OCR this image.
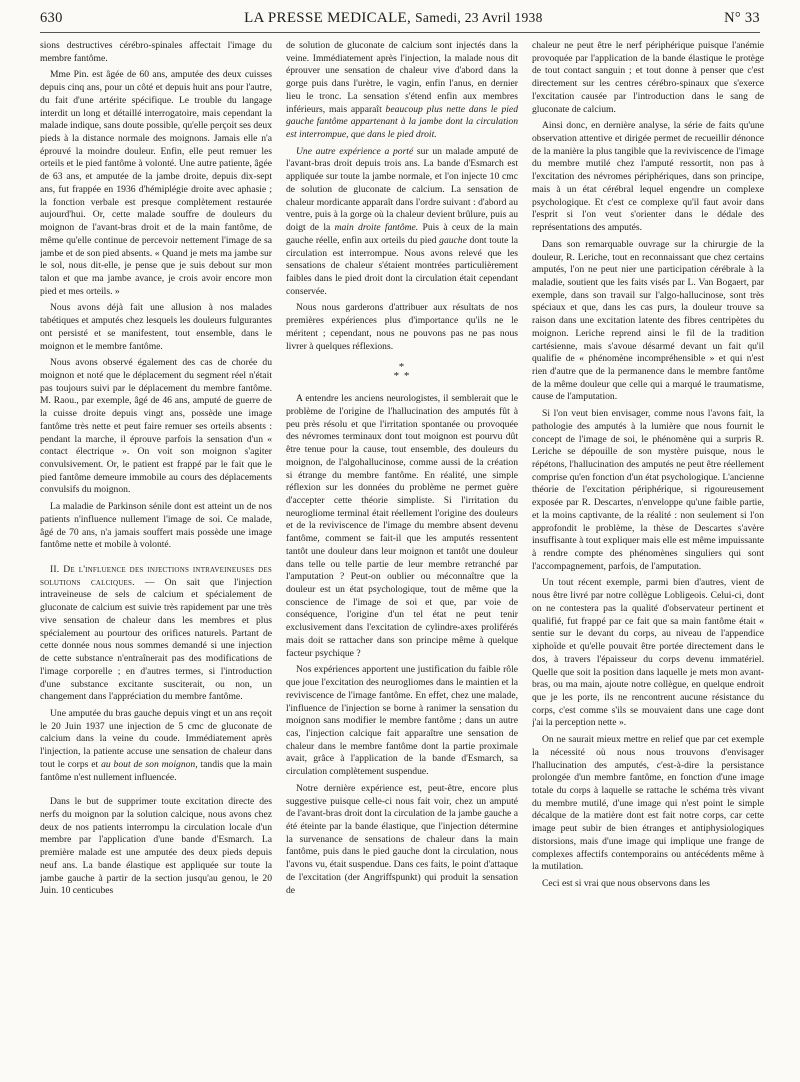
630	LA PRESSE MEDICALE, Samedi, 23 Avril 1938	N° 33

sions destructives cérébro-spinales affectait l'image du membre fantôme.

Mme Pin. est âgée de 60 ans, amputée des deux cuisses depuis cinq ans, pour un côté et depuis huit ans pour l'autre, du fait d'une artérite spécifique. Le trouble du langage interdit un long et détaillé interrogatoire, mais cependant la malade indique, sans doute possible, qu'elle perçoit ses deux pieds à la distance normale des moignons. Jamais elle n'a éprouvé la moindre douleur. Enfin, elle peut remuer les orteils et le pied fantôme à volonté. Une autre patiente, âgée de 63 ans, et amputée de la jambe droite, depuis dix-sept ans, fut frappée en 1936 d'hémiplégie droite avec aphasie ; la fonction verbale est presque complètement restaurée aujourd'hui. Or, cette malade souffre de douleurs du moignon de l'avant-bras droit et de la main fantôme, de même qu'elle continue de percevoir nettement l'image de sa jambe et de son pied absents. « Quand je mets ma jambe sur le sol, nous dit-elle, je pense que je suis debout sur mon talon et que ma jambe avance, je crois avoir encore mon pied et mes orteils. »

Nous avons déjà fait une allusion à nos malades tabétiques et amputés chez lesquels les douleurs fulgurantes ont persisté et se manifestent, tout ensemble, dans le moignon et le membre fantôme.

Nous avons observé également des cas de chorée du moignon et noté que le déplacement du segment réel n'était pas toujours suivi par le déplacement du membre fantôme. M. Raou., par exemple, âgé de 46 ans, amputé de guerre de la cuisse droite depuis vingt ans, possède une image fantôme très nette et peut faire remuer ses orteils absents : pendant la marche, il éprouve parfois la sensation d'un « contact électrique ». On voit son moignon s'agiter convulsivement. Or, le patient est frappé par le fait que le pied fantôme demeure immobile au cours des déplacements convulsifs du moignon.

La maladie de Parkinson sénile dont est atteint un de nos patients n'influence nullement l'image de soi. Ce malade, âgé de 70 ans, n'a jamais souffert mais possède une image fantôme nette et mobile à volonté.

II. De l'influence des injections intraveineuses des solutions calciques. — On sait que l'injection intraveineuse de sels de calcium et spécialement de gluconate de calcium est suivie très rapidement par une très vive sensation de chaleur dans les membres et plus spécialement au pourtour des orifices naturels. Partant de cette donnée nous nous sommes demandé si une injection de cette substance n'entraînerait pas des modifications de l'image corporelle ; en d'autres termes, si l'introduction d'une substance excitante susciterait, ou non, un changement dans l'appréciation du membre fantôme.

Une amputée du bras gauche depuis vingt et un ans reçoit le 20 Juin 1937 une injection de 5 cmc de gluconate de calcium dans la veine du coude. Immédiatement après l'injection, la patiente accuse une sensation de chaleur dans tout le corps et au bout de son moignon, tandis que la main fantôme n'est nullement influencée.

Dans le but de supprimer toute excitation directe des nerfs du moignon par la solution calcique, nous avons chez deux de nos patients interrompu la circulation locale d'un membre par l'application d'une bande d'Esmarch. La première malade est une amputée des deux pieds depuis neuf ans. La bande élastique est appliquée sur toute la jambe gauche à partir de la section jusqu'au genou, le 20 Juin. 10 centicubes

de solution de gluconate de calcium sont injectés dans la veine. Immédiatement après l'injection, la malade nous dit éprouver une sensation de chaleur vive d'abord dans la gorge puis dans l'urètre, le vagin, enfin l'anus, en dernier lieu le tronc. La sensation s'étend enfin aux membres inférieurs, mais apparaît beaucoup plus nette dans le pied gauche fantôme appartenant à la jambe dont la circulation est interrompue, que dans le pied droit.

Une autre expérience a porté sur un malade amputé de l'avant-bras droit depuis trois ans. La bande d'Esmarch est appliquée sur toute la jambe normale, et l'on injecte 10 cmc de solution de gluconate de calcium. La sensation de chaleur mordicante apparaît dans l'ordre suivant : d'abord au ventre, puis à la gorge où la chaleur devient brûlure, puis au doigt de la main droite fantôme. Puis à ceux de la main gauche réelle, enfin aux orteils du pied gauche dont toute la circulation est interrompue. Nous avons relevé que les sensations de chaleur s'étaient montrées particulièrement faibles dans le pied droit dont la circulation était cependant conservée.

Nous nous garderons d'attribuer aux résultats de nos premières expériences plus d'importance qu'ils ne le méritent ; cependant, nous ne pouvons pas ne pas nous livrer à quelques réflexions.

*
* *

A entendre les anciens neurologistes, il semblerait que le problème de l'origine de l'hallucination des amputés fût à peu près résolu et que l'irritation spontanée ou provoquée des névromes terminaux dont tout moignon est pourvu dût être tenue pour la cause, tout ensemble, des douleurs du moignon, de l'algohallucinose, comme aussi de la création si étrange du membre fantôme. En réalité, une simple réflexion sur les données du problème ne permet guère d'accepter cette théorie simpliste. Si l'irritation du neurogliome terminal était réellement l'origine des douleurs et de la reviviscence de l'image du membre absent devenu fantôme, comment se fait-il que les amputés ressentent tantôt une douleur dans leur moignon et tantôt une douleur dans telle ou telle partie de leur membre retranché par l'amputation ? Peut-on oublier ou méconnaître que la douleur est un état psychologique, tout de même que la conscience de l'image de soi et que, par voie de conséquence, l'origine d'un tel état ne peut tenir exclusivement dans l'excitation de cylindre-axes proliférés mais doit se rattacher dans son principe même à quelque facteur psychique ?

Nos expériences apportent une justification du faible rôle que joue l'excitation des neurogliomes dans le maintien et la reviviscence de l'image fantôme. En effet, chez une malade, l'influence de l'injection se borne à ranimer la sensation du moignon sans modifier le membre fantôme ; dans un autre cas, l'injection calcique fait apparaître une sensation de chaleur dans le membre fantôme dont la partie proximale avait, grâce à l'application de la bande d'Esmarch, sa circulation complètement suspendue.

Notre dernière expérience est, peut-être, encore plus suggestive puisque celle-ci nous fait voir, chez un amputé de l'avant-bras droit dont la circulation de la jambe gauche a été éteinte par la bande élastique, que l'injection détermine la survenance de sensations de chaleur dans la main fantôme, puis dans le pied gauche dont la circulation, nous l'avons vu, était suspendue. Dans ces faits, le point d'attaque de l'excitation (der Angriffspunkt) qui produit la sensation de

chaleur ne peut être le nerf périphérique puisque l'anémie provoquée par l'application de la bande élastique le protège de tout contact sanguin ; et tout donne à penser que c'est directement sur les centres cérébro-spinaux que s'exerce l'excitation causée par l'introduction dans le sang de gluconate de calcium.

Ainsi donc, en dernière analyse, la série de faits qu'une observation attentive et dirigée permet de recueillir dénonce de la manière la plus tangible que la reviviscence de l'image du membre mutilé chez l'amputé ressortit, non pas à l'excitation des névromes périphériques, dans son principe, mais à un état cérébral lequel engendre un complexe psychologique. Et c'est ce complexe qu'il faut avoir dans l'esprit si l'on veut s'orienter dans le dédale des représentations des amputés.

Dans son remarquable ouvrage sur la chirurgie de la douleur, R. Leriche, tout en reconnaissant que chez certains amputés, l'on ne peut nier une participation cérébrale à la maladie, soutient que les faits visés par L. Van Bogaert, par exemple, dans son travail sur l'algo-hallucinose, sont très spéciaux et que, dans les cas purs, la douleur trouve sa raison dans une excitation latente des fibres centripètes du moignon. Leriche reprend ainsi le fil de la tradition cartésienne, mais s'avoue désarmé devant un fait qu'il qualifie de « phénomène incompréhensible » et qui n'est rien d'autre que de la permanence dans le membre fantôme de la même douleur que celle qui a marqué le traumatisme, cause de l'amputation.

Si l'on veut bien envisager, comme nous l'avons fait, la pathologie des amputés à la lumière que nous fournit le concept de l'image de soi, le phénomène qui a surpris R. Leriche se dépouille de son mystère puisque, nous le répétons, l'hallucination des amputés ne peut être réellement comprise qu'en fonction d'un état psychologique. L'ancienne théorie de l'excitation périphérique, si rigoureusement exposée par R. Descartes, n'enveloppe qu'une faible partie, et la moins captivante, de la réalité : non seulement si l'on approfondit le problème, la thèse de Descartes s'avère insuffisante à tout expliquer mais elle est même impuissante à rendre compte des phénomènes singuliers qui sont l'accompagnement, parfois, de l'amputation.

Un tout récent exemple, parmi bien d'autres, vient de nous être livré par notre collègue Lobligeois. Celui-ci, dont on ne contestera pas la qualité d'observateur pertinent et qualifié, fut frappé par ce fait que sa main fantôme était « sentie sur le devant du corps, au niveau de l'appendice xiphoïde et qu'elle pouvait être portée directement dans le dos, à travers l'épaisseur du corps devenu immatériel. Quelle que soit la position dans laquelle je mets mon avant-bras, ou ma main, ajoute notre collègue, en quelque endroit que je les porte, ils ne rencontrent aucune résistance du corps, c'est comme s'ils se mouvaient dans une cage dont j'ai la perception nette ».

On ne saurait mieux mettre en relief que par cet exemple la nécessité où nous nous trouvons d'envisager l'hallucination des amputés, c'est-à-dire la persistance prolongée d'un membre fantôme, en fonction d'une image totale du corps à laquelle se rattache le schéma très vivant du membre mutilé, d'une image qui n'est point le simple décalque de la matière dont est fait notre corps, car cette image peut subir de bien étranges et antiphysiologiques distorsions, mais d'une image qui implique une frange de complexes affectifs contemporains ou antécédents même à la mutilation.

Ceci est si vrai que nous observons dans les
